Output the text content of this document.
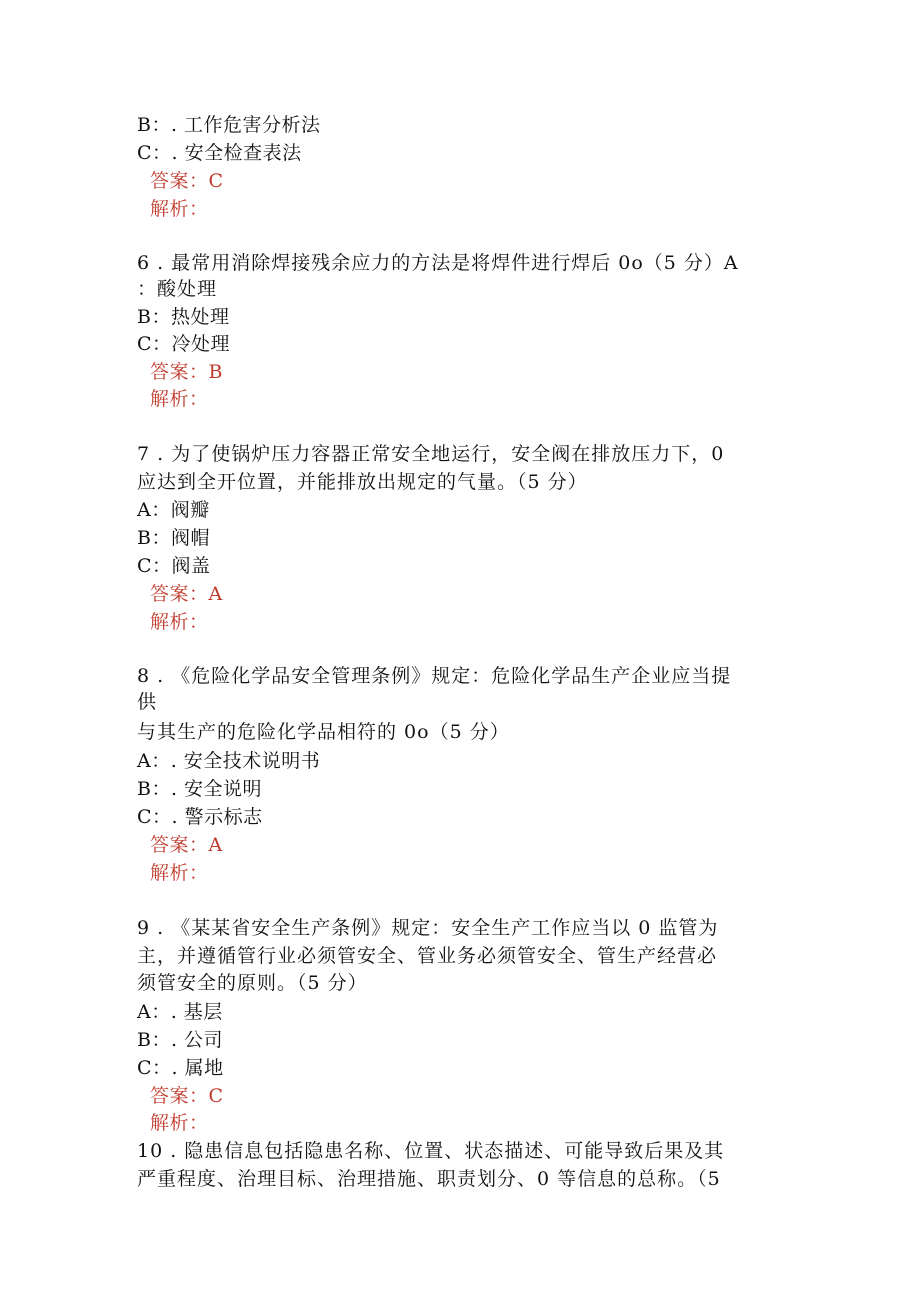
B：. 工作危害分析法
C：. 安全检查表法
答案：C
解析：
6 . 最常用消除焊接残余应力的方法是将焊件进行焊后 0o（5 分）A
：酸处理
B：热处理
C：冷处理
答案：B
解析：
7 . 为了使锅炉压力容器正常安全地运行，安全阀在排放压力下，0
应达到全开位置，并能排放出规定的气量。（5 分）
A：阀瓣
B：阀帽
C：阀盖
答案：A
解析：
8 . 《危险化学品安全管理条例》规定：危险化学品生产企业应当提
供
与其生产的危险化学品相符的 0o（5 分）
A：. 安全技术说明书
B：. 安全说明
C：. 警示标志
答案：A
解析：
9 . 《某某省安全生产条例》规定：安全生产工作应当以 0 监管为
主，并遵循管行业必须管安全、管业务必须管安全、管生产经营必
须管安全的原则。（5 分）
A：. 基层
B：. 公司
C：. 属地
答案：C
解析：
10 . 隐患信息包括隐患名称、位置、状态描述、可能导致后果及其
严重程度、治理目标、治理措施、职责划分、0 等信息的总称。（5
